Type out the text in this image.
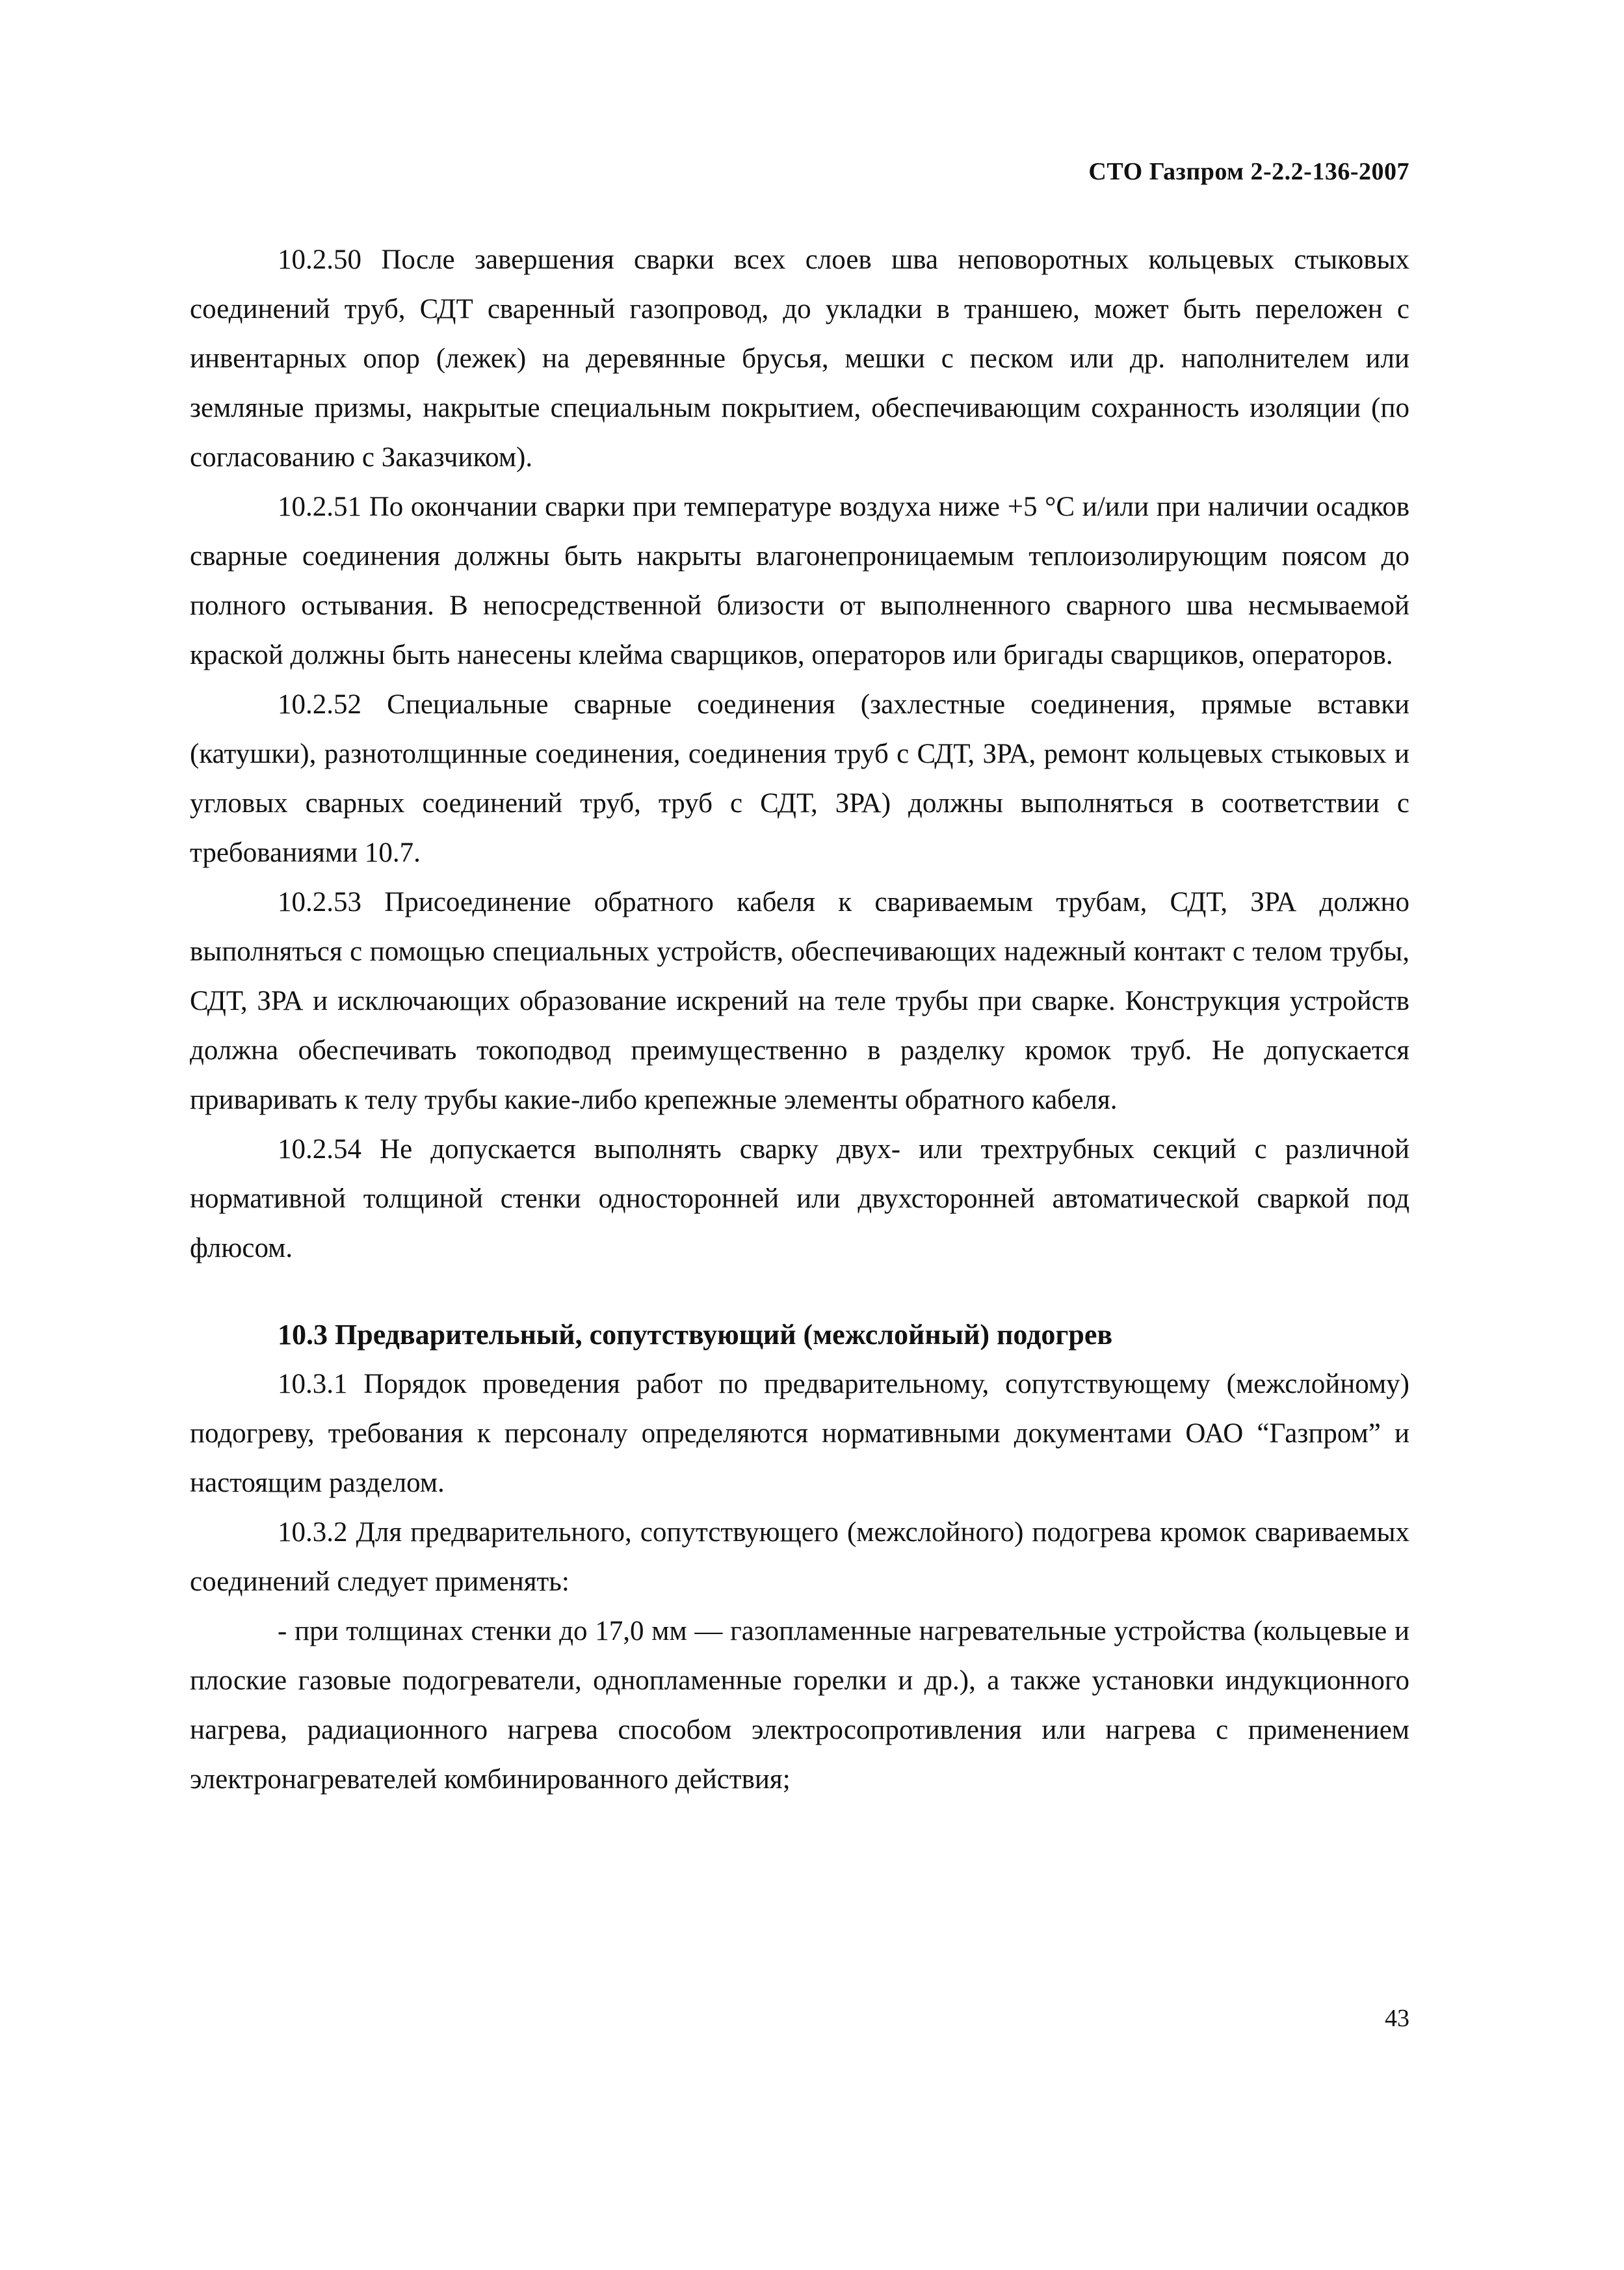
СТО Газпром 2-2.2-136-2007

10.2.50 После завершения сварки всех слоев шва неповоротных кольцевых стыковых соединений труб, СДТ сваренный газопровод, до укладки в траншею, может быть переложен с инвентарных опор (лежек) на деревянные брусья, мешки с песком или др. наполнителем или земляные призмы, накрытые специальным покрытием, обеспечивающим сохранность изоляции (по согласованию с Заказчиком).

10.2.51 По окончании сварки при температуре воздуха ниже +5 °С и/или при наличии осадков сварные соединения должны быть накрыты влагонепроницаемым теплоизолирующим поясом до полного остывания. В непосредственной близости от выполненного сварного шва несмываемой краской должны быть нанесены клейма сварщиков, операторов или бригады сварщиков, операторов.

10.2.52 Специальные сварные соединения (захлестные соединения, прямые вставки (катушки), разнотолщинные соединения, соединения труб с СДТ, ЗРА, ремонт кольцевых стыковых и угловых сварных соединений труб, труб с СДТ, ЗРА) должны выполняться в соответствии с требованиями 10.7.

10.2.53 Присоединение обратного кабеля к свариваемым трубам, СДТ, ЗРА должно выполняться с помощью специальных устройств, обеспечивающих надежный контакт с телом трубы, СДТ, ЗРА и исключающих образование искрений на теле трубы при сварке. Конструкция устройств должна обеспечивать токоподвод преимущественно в разделку кромок труб. Не допускается приваривать к телу трубы какие-либо крепежные элементы обратного кабеля.

10.2.54 Не допускается выполнять сварку двух- или трехтрубных секций с различной нормативной толщиной стенки односторонней или двухсторонней автоматической сваркой под флюсом.

10.3 Предварительный, сопутствующий (межслойный) подогрев

10.3.1 Порядок проведения работ по предварительному, сопутствующему (межслойному) подогреву, требования к персоналу определяются нормативными документами ОАО “Газпром” и настоящим разделом.

10.3.2 Для предварительного, сопутствующего (межслойного) подогрева кромок свариваемых соединений следует применять:

- при толщинах стенки до 17,0 мм — газопламенные нагревательные устройства (кольцевые и плоские газовые подогреватели, однопламенные горелки и др.), а также установки индукционного нагрева, радиационного нагрева способом электросопротивления или нагрева с применением электронагревателей комбинированного действия;

43
